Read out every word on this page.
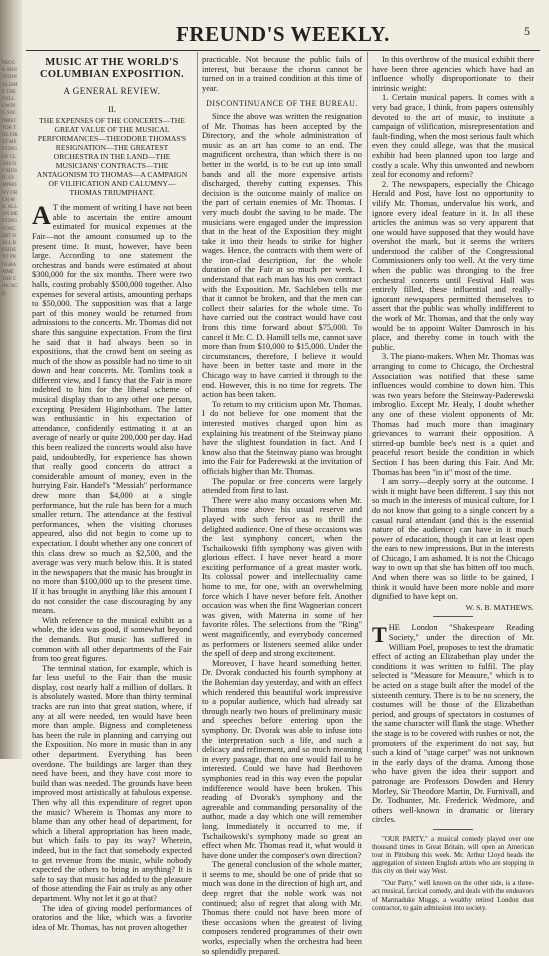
PROGR ARNATIONALISME THE FOLLOWING SOC DIRECTOR THE FIRST MEETING OF CLASS OF MUSIC SYMPHONY ORCH MR. ALLAN MEETING CONCERT HALL RESIDENT PROGRAMME THE CHICAGO
FREUND'S WEEKLY.	5
MUSIC AT THE WORLD'S COLUMBIAN EXPOSITION.
A GENERAL REVIEW.
II.
THE EXPENSES OF THE CONCERTS—THE GREAT VALUE OF THE MUSICAL PERFORMANCES—THEODORE THOMAS'S RESIGNATION—THE GREATEST ORCHESTRA IN THE LAND—THE MUSICIANS' CONTRACTS—THE ANTAGONISM TO THOMAS—A CAMPAIGN OF VILIFICATION AND CALUMNY—THOMAS TRIUMPHANT.

A T the moment of writing I have not been able to ascertain the entire amount estimated for musical expenses at the Fair—not the amount consumed up to the present time. It must, however, have been large. According to one statement the orchestras and bands were estimated at about $300,000 for the six months. There were two halls, costing probably $500,000 together. Also expenses for several artists, amounting perhaps to $50,000. The supposition was that a large part of this money would be returned from admissions to the concerts. Mr. Thomas did not share this sanguine expectation. From the first he said that it had always been so in expositions, that the crowd bent on seeing as much of the show as possible had no time to sit down and hear concerts. Mr. Tomlins took a different view, and I fancy that the Fair is more indebted to him for the liberal scheme of musical display than to any other one person, excepting President Higinbotham. The latter was enthusiastic in his expectation of attendance, confidently estimating it at an average of nearly or quite 200,000 per day. Had this been realized the concerts would also have paid, undoubtedly, for experience has shown that really good concerts do attract a considerable amount of money, even in the hurrying Fair. Handel's "Messiah" performance drew more than $4,000 at a single performance, but the rule has been for a much smaller return. The attendance at the festival performances, when the visiting choruses appeared, also did not begin to come up to expectation. I doubt whether any one concert of this class drew so much as $2,500, and the average was very much below this. It is stated in the newspapers that the music has brought in no more than $100,000 up to the present time. If it has brought in anything like this amount I do not consider the case discouraging by any means.

With reference to the musical exhibit as a whole, the idea was good, if somewhat beyond the demands. But music has suffered in common with all other departments of the Fair from too great figures.

The terminal station, for example, which is far less useful to the Fair than the music display, cost nearly half a million of dollars. It is absolutely wasted. More than thirty terminal tracks are run into that great station, where, if any at all were needed, ten would have been more than ample. Bigness and completeness has been the rule in planning and carrying out the Exposition. No more in music than in any other department. Everything has been overdone. The buildings are larger than they need have been, and they have cost more to build than was needed. The grounds have been improved most artistically at fabulous expense. Then why all this expenditure of regret upon the music? Wherein is Thomas any more to blame than any other head of department, for which a liberal appropriation has been made, but which fails to pay its way? Wherein, indeed, but in the fact that somebody expected to get revenue from the music, while nobody expected the others to bring in anything? It is safe to say that music has added to the pleasure of those attending the Fair as truly as any other department. Why not let it go at that?

The idea of giving model performances of oratorios and the like, which was a favorite idea of Mr. Thomas, has not proven altogether

practicable. Not because the public fails of interest, but because the chorus cannot be turned on in a trained condition at this time of year.

DISCONTINUANCE OF THE BUREAU.

Since the above was written the resignation of Mr. Thomas has been accepted by the Directory, and the whole administration of music as an art has come to an end. The magnificent orchestra, than which there is no better in the world, is to be cut up into small bands and all the more expensive artists discharged, thereby cutting expenses. This decision is the outcome mainly of malice on the part of certain enemies of Mr. Thomas. I very much doubt the saving to be made. The musicians were engaged under the impression that in the heat of the Exposition they might take it into their heads to strike for higher wages. Hence, the contracts with them were of the iron-clad description, for the whole duration of the Fair at so much per week. I understand that each man has his own contract with the Exposition. Mr. Sachleben tells me that it cannot be broken, and that the men can collect their salaries for the whole time. To have carried out the contract would have cost from this time forward about $75,000. To cancel it Mr. C. D. Hamill tells me, cannot save more than from $10,000 to $15,000. Under the circumstances, therefore, I believe it would have been in better taste and more in the Chicago way to have carried it through to the end. However, this is no time for regrets. The action has been taken.

To return to my criticism upon Mr. Thomas. I do not believe for one moment that the interested motives charged upon him as explaining his treatment of the Steinway piano have the slightest foundation in fact. And I know also that the Steinway piano was brought into the Fair for Paderewski at the invitation of officials higher than Mr. Thomas.

The popular or free concerts were largely attended from first to last.

There were also many occasions when Mr. Thomas rose above his usual reserve and played with such fervor as to thrill the delighted audience. One of these occasions was the last symphony concert, when the Tschaikowski fifth symphony was given with glorious effect. I have never heard a more exciting performance of a great master work. Its colossal power and intellectuality came home to me, for one, with an overwhelming force which I have never before felt. Another occasion was when the first Wagnerian concert was given, with Materna in some of her favorite rôles. The selections from the "Ring" went magnificently, and everybody concerned as performers or listeners seemed alike under the spell of deep and strong excitement.

Moreover, I have heard something better. Dr. Dvorak conducted his fourth symphony at the Bohemian day yesterday, and with an effect which rendered this beautiful work impressive to a popular audience, which had already sat through nearly two hours of preliminary music and speeches before entering upon the symphony. Dr. Dvorak was able to infuse into the interpretation such a life, and such a delicacy and refinement, and so much meaning in every passage, that no one would fail to be interested. Could we have had Beethoven symphonies read in this way even the popular indifference would have been broken. This reading of Dvorak's symphony and the agreeable and commanding personality of the author, made a day which one will remember long. Immediately it occurred to me, if Tschaikowski's symphony made so great an effect when Mr. Thomas read it, what would it have done under the composer's own direction?

The general conclusion of the whole matter, it seems to me, should be one of pride that so much was done in the direction of high art, and deep regret that the noble work was not continued; also of regret that along with Mr. Thomas there could not have been more of these occasions when the greatest of living composers rendered programmes of their own works, especially when the orchestra had been so splendidly prepared.

In this overthrow of the musical exhibit there have been three agencies which have had an influence wholly disproportionate to their intrinsic weight:

1. Certain musical papers. It comes with a very bad grace, I think, from papers ostensibly devoted to the art of music, to institute a campaign of vilification, misrepresentation and fault-finding, when the most serious fault which even they could allege, was that the musical exhibit had been planned upon too large and costly a scale. Why this unwonted and newborn zeal for economy and reform?

2. The newspapers, especially the Chicago Herald and Post, have lost no opportunity to vilify Mr. Thomas, undervalue his work, and ignore every ideal feature in it. In all these articles the animus was so very apparent that one would have supposed that they would have overshot the mark, but it seems the writers understood the caliber of the Congressional Commissioners only too well. At the very time when the public was thronging to the free orchestral concerts until Festival Hall was entirely filled, these influential and really-ignorant newspapers permitted themselves to assert that the public was wholly indifferent to the work of Mr. Thomas, and that the only way would be to appoint Walter Damrosch in his place, and thereby come in touch with the public.

3. The piano-makers. When Mr. Thomas was arranging to come to Chicago, the Orchestral Association was notified that these same influences would combine to down him. This was two years before the Steinway-Paderewski imbroglio. Except Mr. Healy, I doubt whether any one of these violent opponents of Mr. Thomas had much more than imaginary grievances to warrant their opposition. A stirred-up bumble bee's nest is a quiet and peaceful resort beside the condition in which Section I has been during this Fair. And Mr. Thomas has been "in it" most of the time.

I am sorry—deeply sorry at the outcome. I wish it might have been different. I say this not so much in the interests of musical culture, for I do not know that going to a single concert by a casual rural attendant (and this is the essential nature of the audience) can have in it much power of education, though it can at least open the ears to new impressions. But in the interests of Chicago, I am ashamed. It is not the Chicago way to own up that she has bitten off too much. And when there was so little to be gained, I think it would have been more noble and more dignified to have kept on.

W. S. B. MATHEWS.

THE London "Shakespeare Reading Society," under the direction of Mr. William Poel, proposes to test the dramatic effect of acting an Elizabethan play under the conditions it was written to fulfil. The play selected is "Measure for Measure," which is to be acted on a stage built after the model of the sixteenth century. There is to be no scenery, the costumes will be those of the Elizabethan period, and groups of spectators in costumes of the same character will flank the stage. Whether the stage is to be covered with rushes or not, the promoters of the experiment do not say, but such a kind of "stage carpet" was not unknown in the early days of the drama. Among those who have given the idea their support and patronage are Professors Dowden and Henry Morley, Sir Theodore Martin, Dr. Furnivall, and Dr. Todhunter, Mr. Frederick Wedmore, and others well-known in dramatic or literary circles.

"OUR PARTY," a musical comedy played over one thousand times in Great Britain, will open an American tour in Pittsburg this week. Mr. Arthur Lloyd heads the aggregation of sixteen English artists who are stopping in this city on their way West.

"Our Party," well known on the other side, is a three-act musical, farcical comedy, and deals with the endeavors of Marmaduke Muggs, a wealthy retired London dust contractor, to gain admission into society.
